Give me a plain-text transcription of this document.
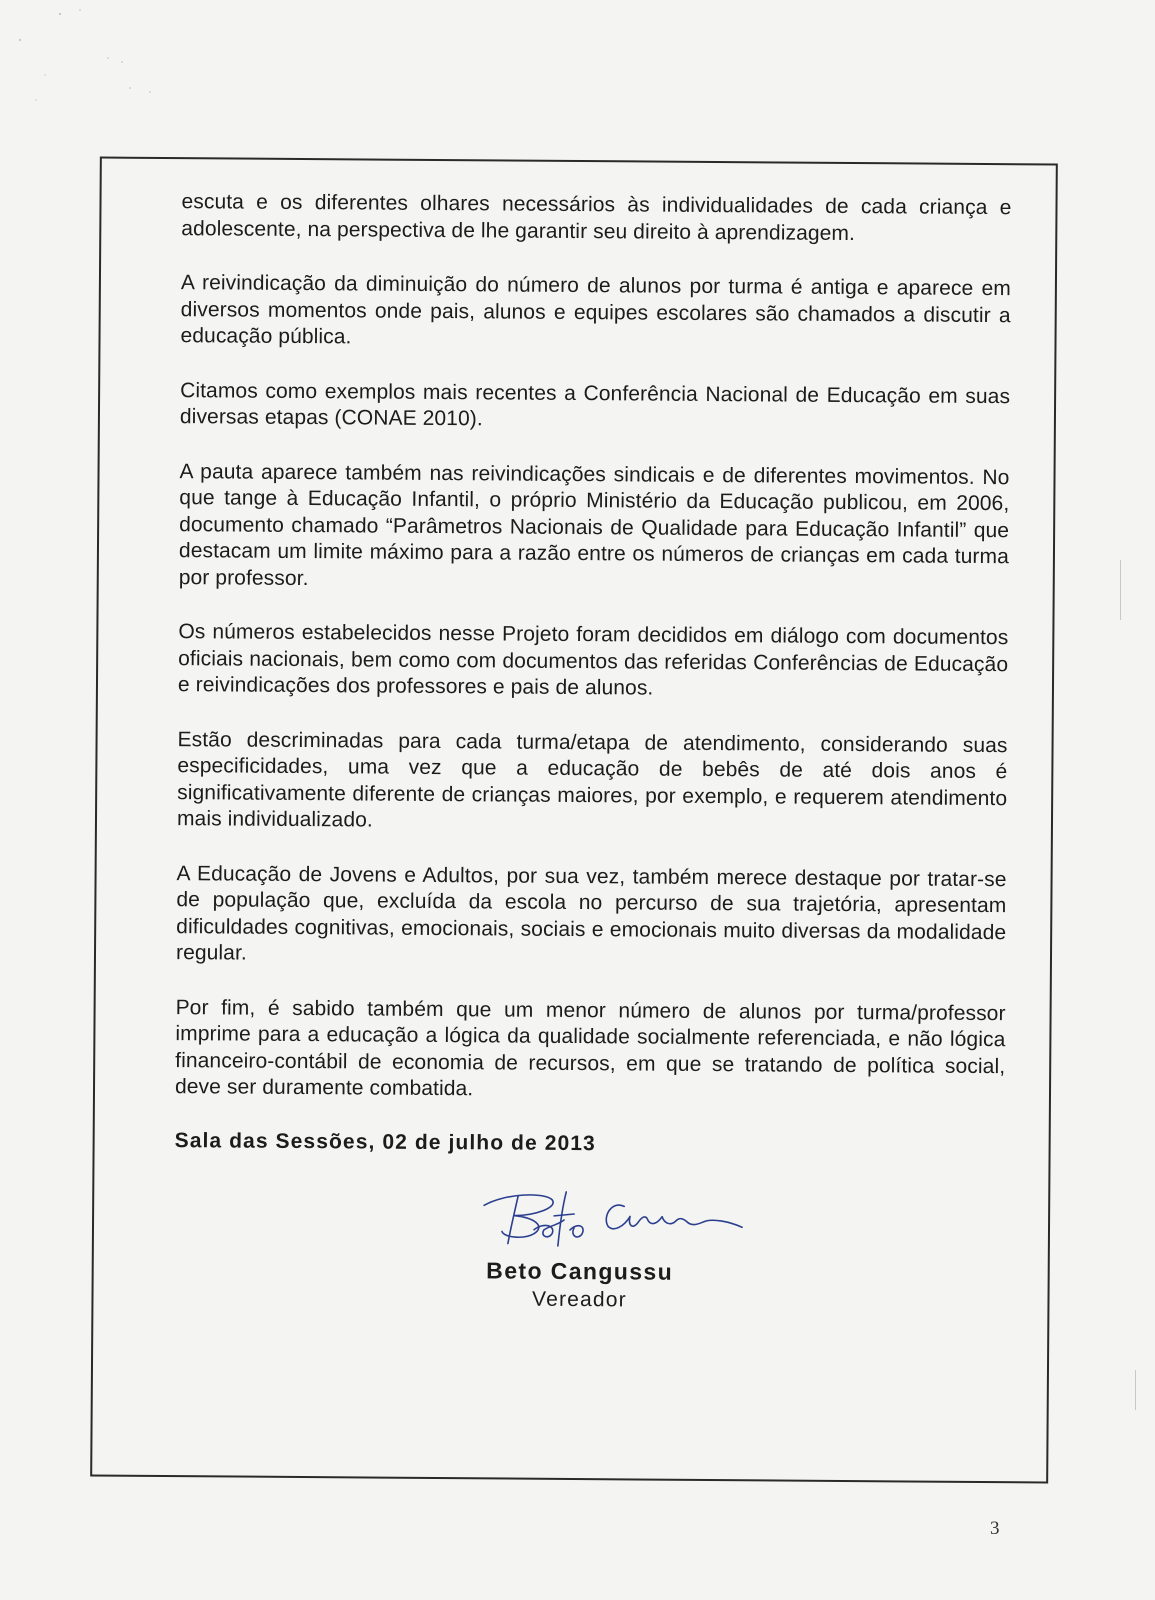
escuta e os diferentes olhares necessários às individualidades de cada criança e adolescente, na perspectiva de lhe garantir seu direito à aprendizagem.

A reivindicação da diminuição do número de alunos por turma é antiga e aparece em diversos momentos onde pais, alunos e equipes escolares são chamados a discutir a educação pública.

Citamos como exemplos mais recentes a Conferência Nacional de Educação em suas diversas etapas (CONAE 2010).

A pauta aparece também nas reivindicações sindicais e de diferentes movimentos. No que tange à Educação Infantil, o próprio Ministério da Educação publicou, em 2006, documento chamado “Parâmetros Nacionais de Qualidade para Educação Infantil” que destacam um limite máximo para a razão entre os números de crianças em cada turma por professor.

Os números estabelecidos nesse Projeto foram decididos em diálogo com documentos oficiais nacionais, bem como com documentos das referidas Conferências de Educação e reivindicações dos professores e pais de alunos.

Estão descriminadas para cada turma/etapa de atendimento, considerando suas especificidades, uma vez que a educação de bebês de até dois anos é significativamente diferente de crianças maiores, por exemplo, e requerem atendimento mais individualizado.

A Educação de Jovens e Adultos, por sua vez, também merece destaque por tratar-se de população que, excluída da escola no percurso de sua trajetória, apresentam dificuldades cognitivas, emocionais, sociais e emocionais muito diversas da modalidade regular.

Por fim, é sabido também que um menor número de alunos por turma/professor imprime para a educação a lógica da qualidade socialmente referenciada, e não lógica financeiro-contábil de economia de recursos, em que se tratando de política social, deve ser duramente combatida.

Sala das Sessões, 02 de julho de 2013

Beto Cangussu
Vereador
3
